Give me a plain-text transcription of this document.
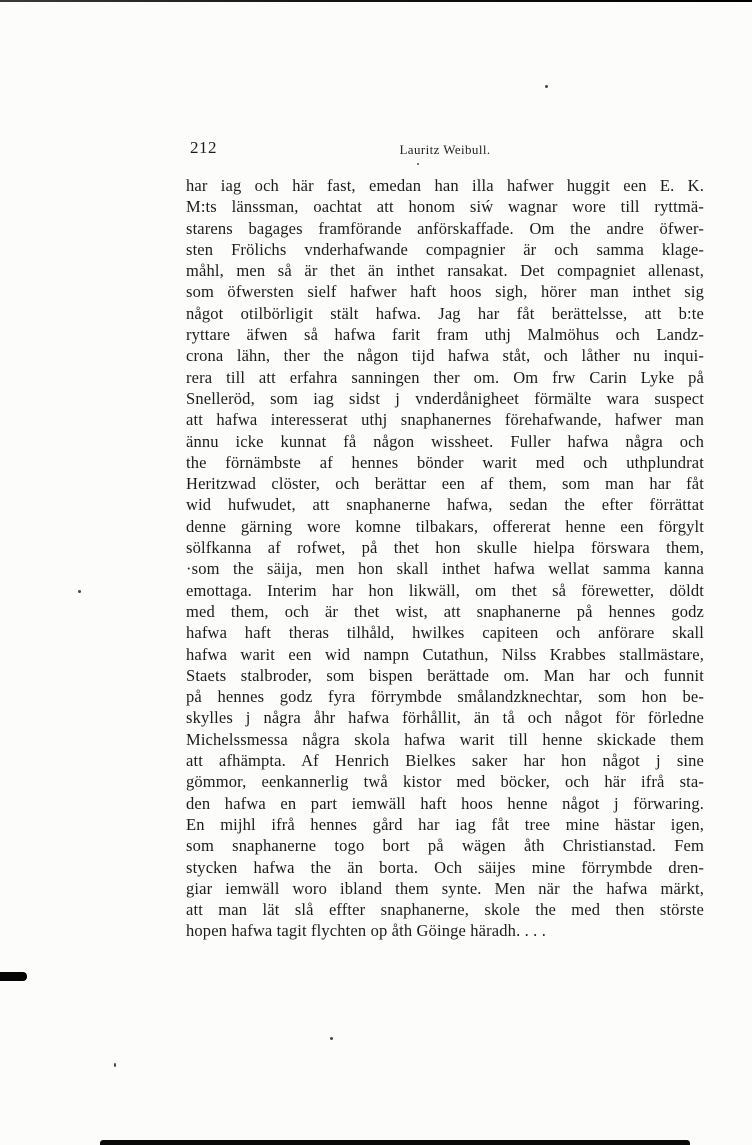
212	Lauritz Weibull.
har iag och här fast, emedan han illa hafwer huggit een E. K.
M:ts länssman, oachtat att honom siẃ wagnar wore till ryttmä-
starens bagages framförande anförskaffade. Om the andre öfwer-
sten Frölichs vnderhafwande compagnier är och samma klage-
måhl, men så är thet än inthet ransakat. Det compagniet allenast,
som öfwersten sielf hafwer haft hoos sigh, hörer man inthet sig
något otilbörligit stält hafwa. Jag har fåt berättelsse, att b:te
ryttare äfwen så hafwa farit fram uthj Malmöhus och Landz-
crona lähn, ther the någon tijd hafwa ståt, och låther nu inqui-
rera till att erfahra sanningen ther om. Om frw Carin Lyke på
Snelleröd, som iag sidst j vnderdånigheet förmälte wara suspect
att hafwa interesserat uthj snaphanernes förehafwande, hafwer man
ännu icke kunnat få någon wissheet. Fuller hafwa några och
the förnämbste af hennes bönder warit med och uthplundrat
Heritzwad clöster, och berättar een af them, som man har fåt
wid hufwudet, att snaphanerne hafwa, sedan the efter förrättat
denne gärning wore komne tilbakars, offererat henne een förgylt
sölfkanna af rofwet, på thet hon skulle hielpa förswara them,
·som the säija, men hon skall inthet hafwa wellat samma kanna
emottaga. Interim har hon likwäll, om thet så förewetter, döldt
med them, och är thet wist, att snaphanerne på hennes godz
hafwa haft theras tilhåld, hwilkes capiteen och anförare skall
hafwa warit een wid nampn Cutathun, Nilss Krabbes stallmästare,
Staets stalbroder, som bispen berättade om. Man har och funnit
på hennes godz fyra förrymbde smålandzknechtar, som hon be-
skylles j några åhr hafwa förhållit, än tå och något för förledne
Michelssmessa några skola hafwa warit till henne skickade them
att afhämpta. Af Henrich Bielkes saker har hon något j sine
gömmor, eenkannerlig twå kistor med böcker, och här ifrå sta-
den hafwa en part iemwäll haft hoos henne något j förwaring.
En mijhl ifrå hennes gård har iag fåt tree mine hästar igen,
som snaphanerne togo bort på wägen åth Christianstad. Fem
stycken hafwa the än borta. Och säijes mine förrymbde dren-
giar iemwäll woro ibland them synte. Men när the hafwa märkt,
att man lät slå effter snaphanerne, skole the med then störste
hopen hafwa tagit flychten op åth Göinge häradh. . . .
